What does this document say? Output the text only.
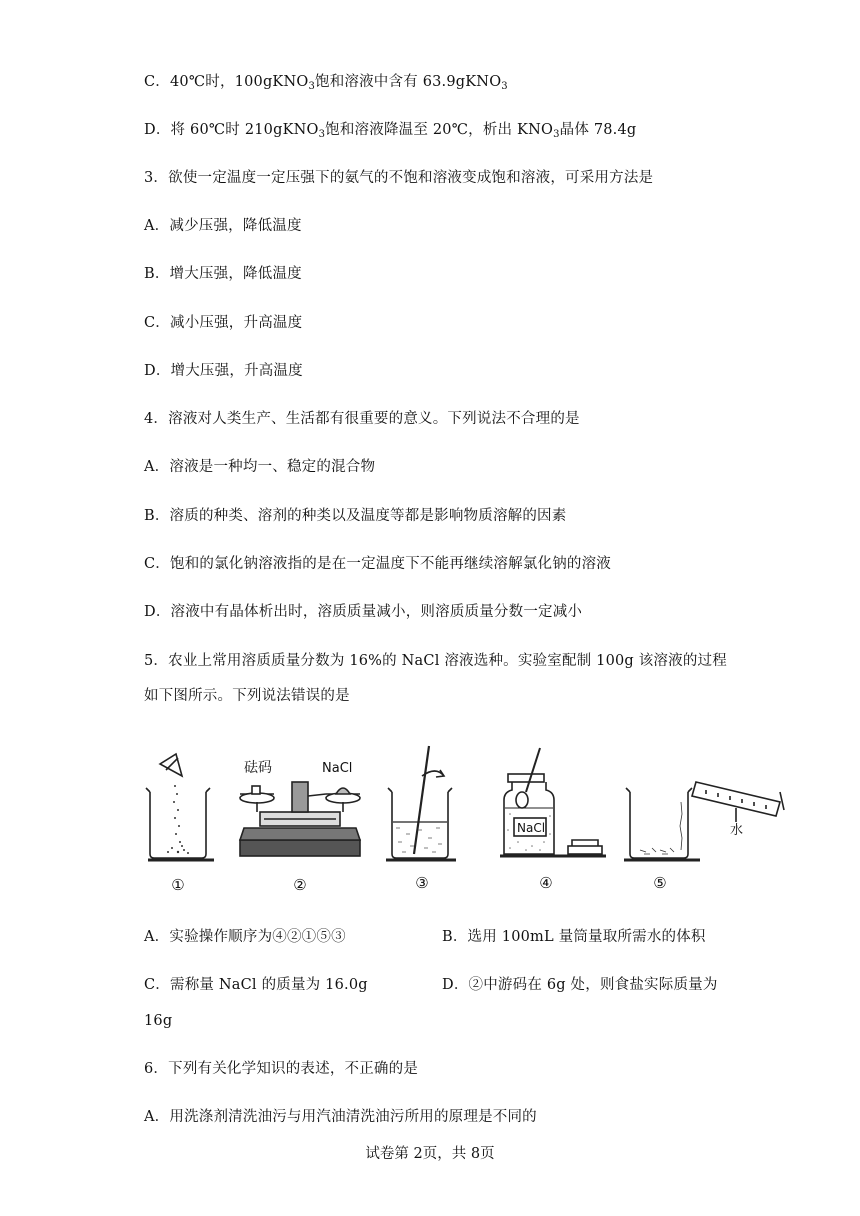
C．40℃时，100gKNO$_3$饱和溶液中含有 63.9gKNO$_3$
D．将 60℃时 210gKNO$_3$饱和溶液降温至 20℃，析出 $KNO_3$晶体 78.4g
3．欲使一定温度一定压强下的氨气的不饱和溶液变成饱和溶液，可采用方法是
A．减少压强，降低温度
B．增大压强，降低温度
C．减小压强，升高温度
D．增大压强，升高温度
4．溶液对人类生产、生活都有很重要的意义。下列说法不合理的是
A．溶液是一种均一、稳定的混合物
B．溶质的种类、溶剂的种类以及温度等都是影响物质溶解的因素
C．饱和的氯化钠溶液指的是在一定温度下不能再继续溶解氯化钠的溶液
D．溶液中有晶体析出时，溶质质量减小，则溶质质量分数一定减小
5．农业上常用溶质质量分数为 16%的 NaCl 溶液选种。实验室配制 100g 该溶液的过程
如下图所示。下列说法错误的是
砝码	NaCl
NaCl	水
①	②	③	④	⑤
A．实验操作顺序为④②①⑤③	B．选用 100mL 量筒量取所需水的体积
C．需称量 NaCl 的质量为 16.0g	D．②中游码在 6g 处，则食盐实际质量为
16g
6．下列有关化学知识的表述，不正确的是
A．用洗涤剂清洗油污与用汽油清洗油污所用的原理是不同的
试卷第 2页，共 8页
